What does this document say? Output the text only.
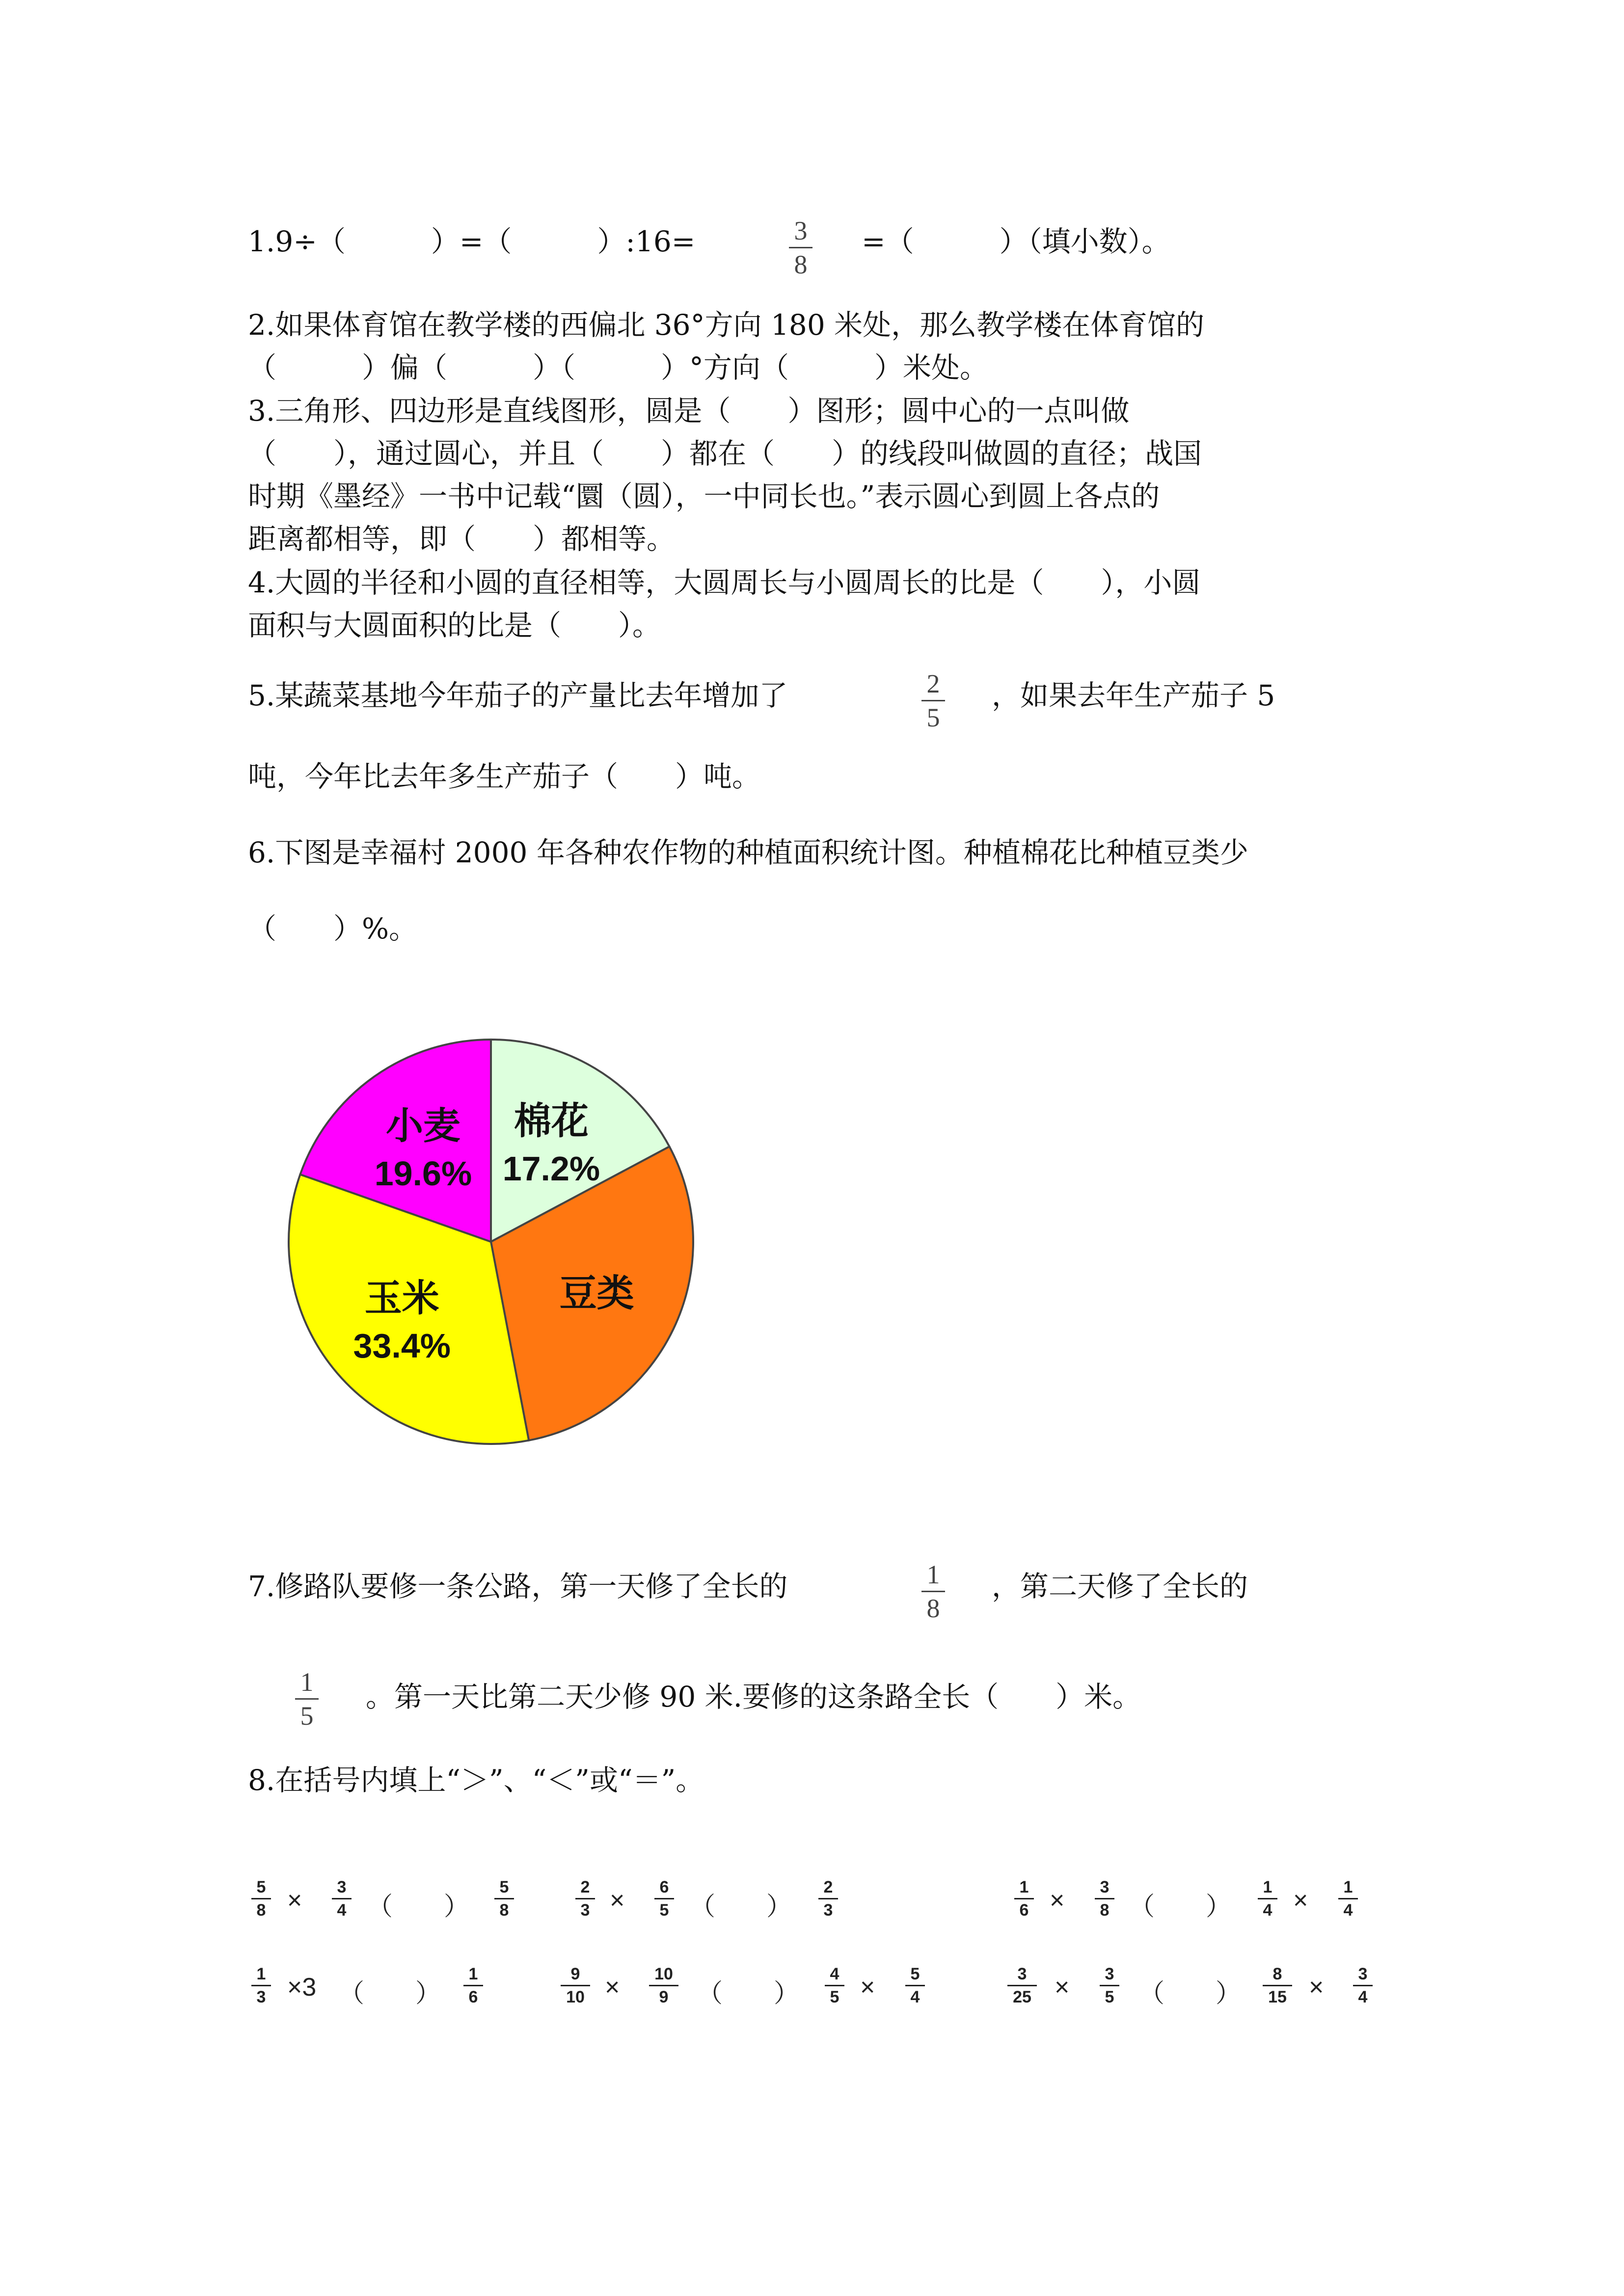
1.9÷（　　　）=（　　　）:16=	3
8
=（　　　）（填小数）。
2.如果体育馆在教学楼的西偏北 36°方向 180 米处，那么教学楼在体育馆的
（　　　）偏（　　　）（　　　）°方向（　　　）米处。
3.三角形、四边形是直线图形，圆是（　　）图形；圆中心的一点叫做
（　　），通过圆心，并且（　　）都在（　　）的线段叫做圆的直径；战国
时期《墨经》一书中记载“圜（圆），一中同长也。”表示圆心到圆上各点的
距离都相等，即（　　）都相等。
4.大圆的半径和小圆的直径相等，大圆周长与小圆周长的比是（　　），小圆
面积与大圆面积的比是（　　）。
5.某蔬菜基地今年茄子的产量比去年增加了	2
5
，如果去年生产茄子 5
吨，今年比去年多生产茄子（　　）吨。
6.下图是幸福村 2000 年各种农作物的种植面积统计图。种植棉花比种植豆类少
（　　）%。
棉花
17.2%
豆类
玉米
33.4%
小麦
19.6%
7.修路队要修一条公路，第一天修了全长的	1
8
，第二天修了全长的
1
5
。第一天比第二天少修 90 米.要修的这条路全长（　　）米。
8.在括号内填上“＞”、“＜”或“＝”。
5
8 ×	3
4 （　　）
5
8
2
3 ×	6
5 （　　）
2
3
1
6 ×	3
8 （　　）
1
4 ×	1
4
1
3 ×3 （　　）
1
6
9
10 ×	10
9	（　　）
4
5 ×	5
4
3
25 ×	3
5 （　　）
8
15 ×	3
4
